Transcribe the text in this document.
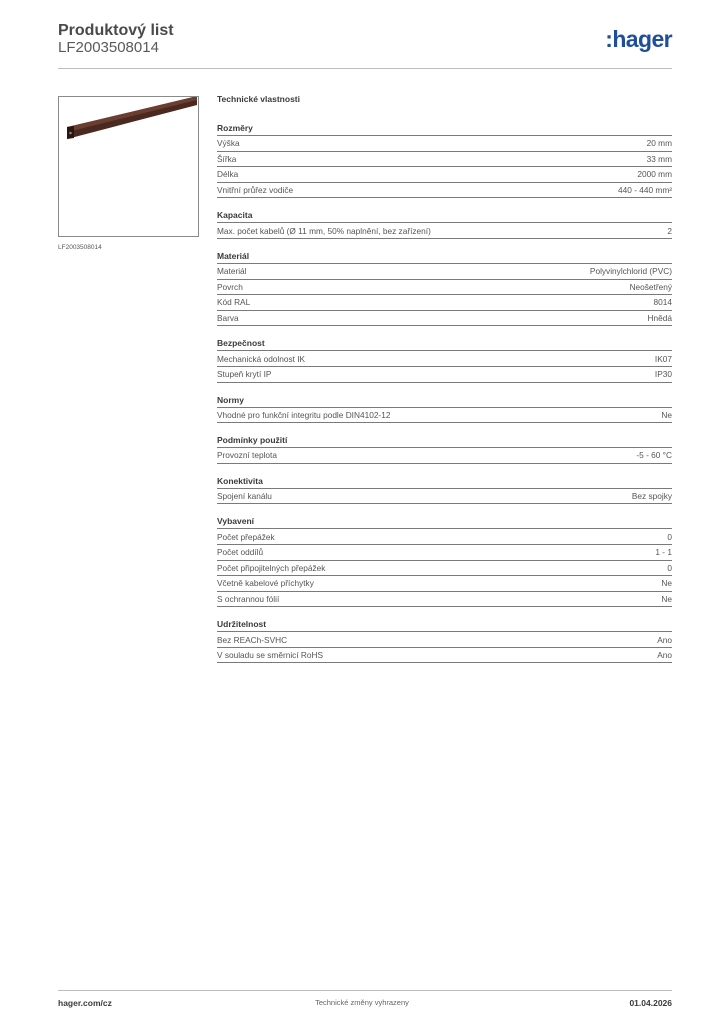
Produktový list
LF2003508014	:hager
LF2003508014
Technické vlastnosti
Rozměry
Výška	20 mm
Šířka	33 mm
Délka	2000 mm
Vnitřní průřez vodiče	440 - 440 mm²
Kapacita
Max. počet kabelů (Ø 11 mm, 50% naplnění, bez zařízení)	2
Materiál
Materiál	Polyvinylchlorid (PVC)
Povrch	Neošetřený
Kód RAL	8014
Barva	Hnědá
Bezpečnost
Mechanická odolnost IK	IK07
Stupeň krytí IP	IP30
Normy
Vhodné pro funkční integritu podle DIN4102-12	Ne
Podmínky použití
Provozní teplota	-5 - 60 °C
Konektivita
Spojení kanálu	Bez spojky
Vybavení
Počet přepážek	0
Počet oddílů	1 - 1
Počet připojitelných přepážek	0
Včetně kabelové příchytky	Ne
S ochrannou fólií	Ne
Udržitelnost
Bez REACh-SVHC	Ano
V souladu se směrnicí RoHS	Ano
hager.com/cz	Technické změny vyhrazeny	01.04.2026
